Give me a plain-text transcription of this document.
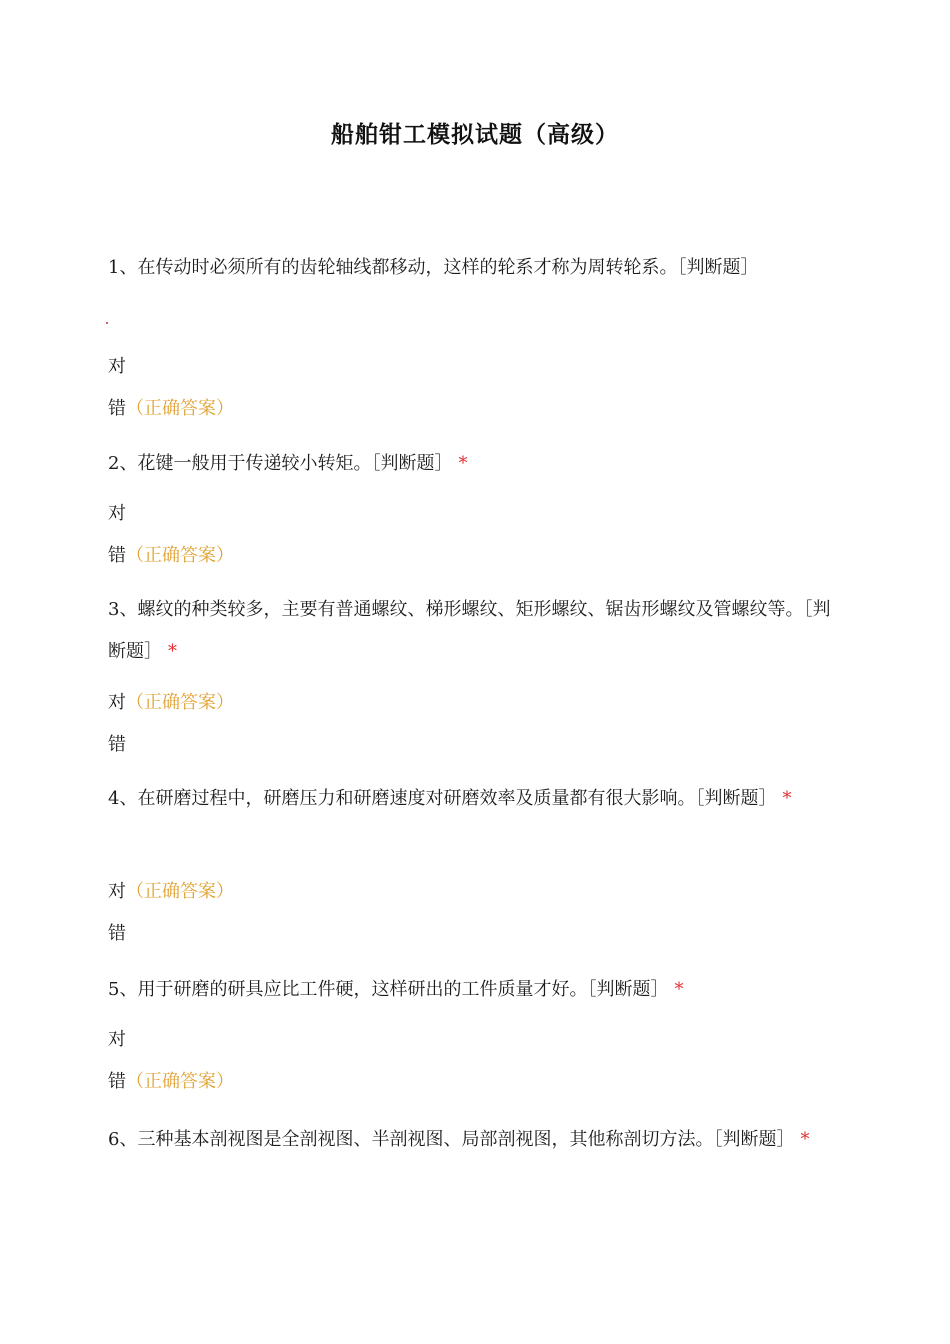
船舶钳工模拟试题（高级）
1、在传动时必须所有的齿轮轴线都移动，这样的轮系才称为周转轮系。［判断题］
对
错（正确答案）
2、花键一般用于传递较小转矩。［判断题］ *
对
错（正确答案）
3、螺纹的种类较多，主要有普通螺纹、梯形螺纹、矩形螺纹、锯齿形螺纹及管螺纹等。［判断题］ *
对（正确答案）
错
4、在研磨过程中，研磨压力和研磨速度对研磨效率及质量都有很大影响。［判断题］ *
对（正确答案）
错
5、用于研磨的研具应比工件硬，这样研出的工件质量才好。［判断题］ *
对
错（正确答案）
6、三种基本剖视图是全剖视图、半剖视图、局部剖视图，其他称剖切方法。［判断题］ *
